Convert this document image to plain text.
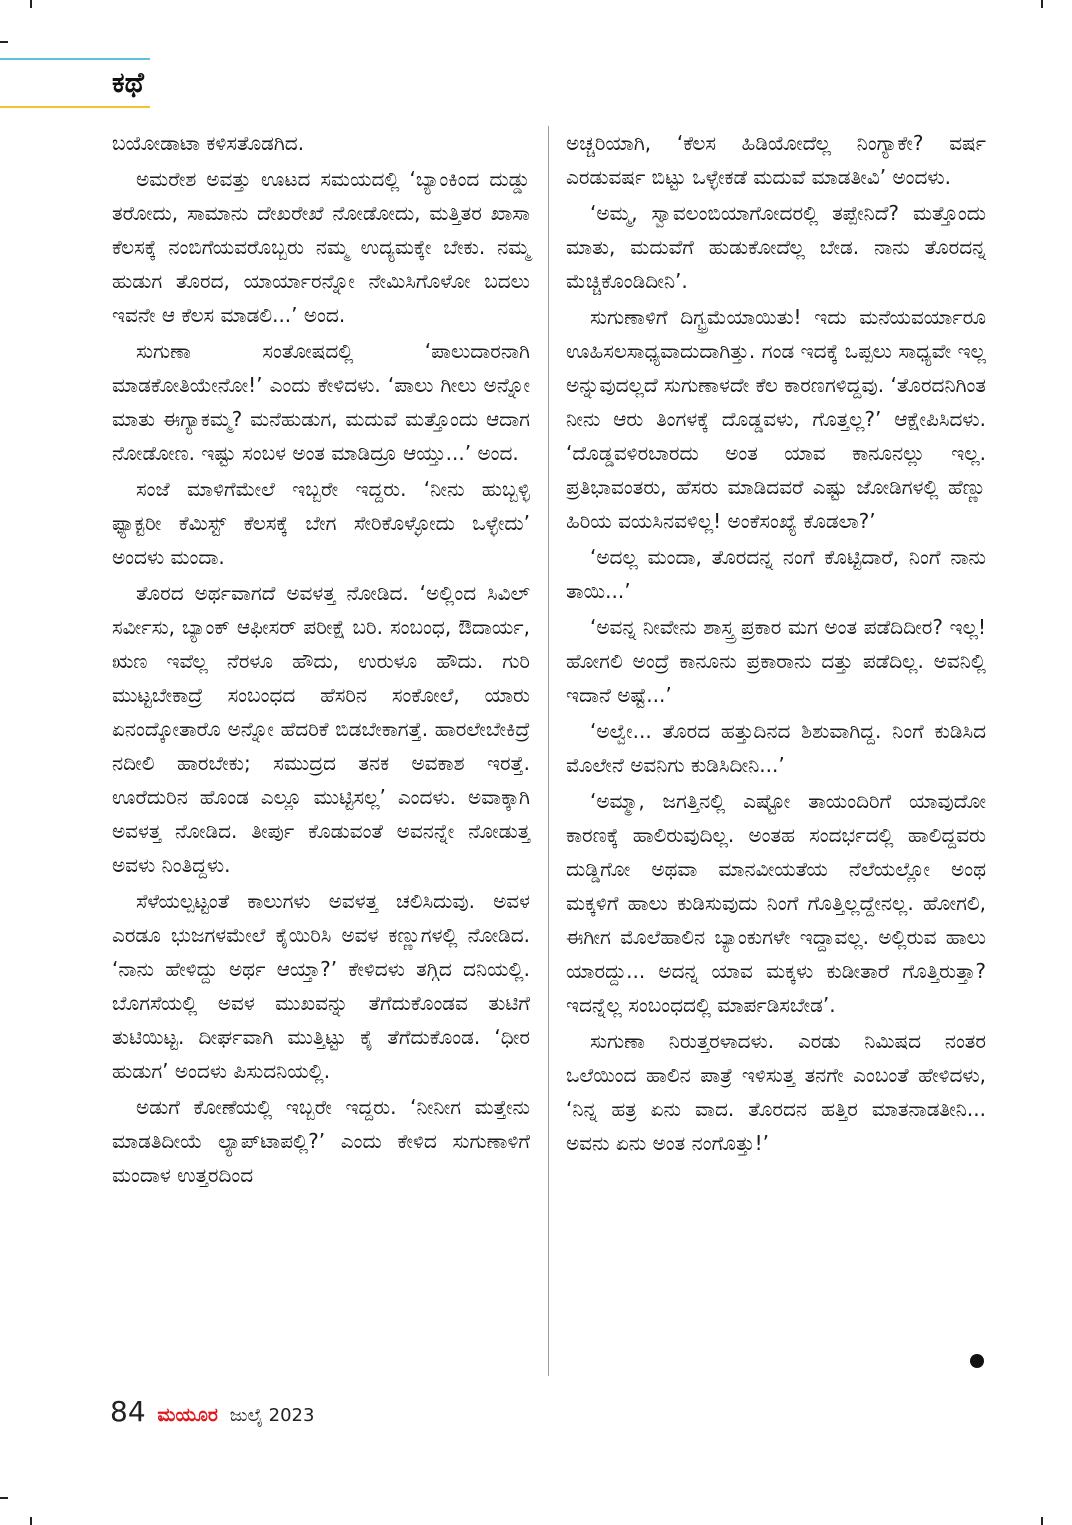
ಕಥೆ

ಬಯೋಡಾಟಾ ಕಳಿಸತೊಡಗಿದ.

ಅಮರೇಶ ಅವತ್ತು ಊಟದ ಸಮಯದಲ್ಲಿ ‘ಬ್ಯಾಂಕಿಂದ ದುಡ್ಡು ತರೋದು, ಸಾಮಾನು ದೇಖರೇಖೆ ನೋಡೋದು, ಮತ್ತಿತರ ಖಾಸಾ ಕೆಲಸಕ್ಕೆ ನಂಬಿಗೆಯವರೊಬ್ಬರು ನಮ್ಮ ಉದ್ಯಮಕ್ಕೇ ಬೇಕು. ನಮ್ಮ ಹುಡುಗ ತೊರದ, ಯಾರ್ಯಾರನ್ನೋ ನೇಮಿಸಿಗೊಳೋ ಬದಲು ಇವನೇ ಆ ಕೆಲಸ ಮಾಡಲಿ...’ ಅಂದ.

ಸುಗುಣಾ ಸಂತೋಷದಲ್ಲಿ ‘ಪಾಲುದಾರನಾಗಿ ಮಾಡಕೋತಿಯೇನೋ!’ ಎಂದು ಕೇಳಿದಳು. ‘ಪಾಲು ಗೀಲು ಅನ್ನೋ ಮಾತು ಈಗ್ಯಾಕಮ್ಮ? ಮನೆಹುಡುಗ, ಮದುವೆ ಮತ್ತೊಂದು ಆದಾಗ ನೋಡೋಣ. ಇಷ್ಟು ಸಂಬಳ ಅಂತ ಮಾಡಿದ್ರೂ ಆಯ್ತು...’ ಅಂದ.

ಸಂಜೆ ಮಾಳಿಗೆಮೇಲೆ ಇಬ್ಬರೇ ಇದ್ದರು. ‘ನೀನು ಹುಬ್ಬಳ್ಳಿ ಫ್ಯಾಕ್ಟರೀ ಕೆಮಿಸ್ಟ್ ಕೆಲಸಕ್ಕೆ ಬೇಗ ಸೇರಿಕೊಳ್ಳೋದು ಒಳ್ಳೇದು’ ಅಂದಳು ಮಂದಾ.

ತೊರದ ಅರ್ಥವಾಗದೆ ಅವಳತ್ತ ನೋಡಿದ. ‘ಅಲ್ಲಿಂದ ಸಿವಿಲ್ ಸರ್ವೀಸು, ಬ್ಯಾಂಕ್ ಆಫೀಸರ್ ಪರೀಕ್ಷೆ ಬರಿ. ಸಂಬಂಧ, ಔದಾರ್ಯ, ಋಣ ಇವೆಲ್ಲ ನೆರಳೂ ಹೌದು, ಉರುಳೂ ಹೌದು. ಗುರಿ ಮುಟ್ಟಬೇಕಾದ್ರೆ ಸಂಬಂಧದ ಹೆಸರಿನ ಸಂಕೋಲೆ, ಯಾರು ಏನಂದ್ಕೋತಾರೊ ಅನ್ನೋ ಹೆದರಿಕೆ ಬಿಡಬೇಕಾಗತ್ತೆ. ಹಾರಲೇಬೇಕಿದ್ರೆ ನದೀಲಿ ಹಾರಬೇಕು; ಸಮುದ್ರದ ತನಕ ಅವಕಾಶ ಇರತ್ತೆ. ಊರೆದುರಿನ ಹೊಂಡ ಎಲ್ಲೂ ಮುಟ್ಟಿಸಲ್ಲ’ ಎಂದಳು. ಅವಾಕ್ಕಾಗಿ ಅವಳತ್ತ ನೋಡಿದ. ತೀರ್ಪು ಕೊಡುವಂತೆ ಅವನನ್ನೇ ನೋಡುತ್ತ ಅವಳು ನಿಂತಿದ್ದಳು.

ಸೆಳೆಯಲ್ಪಟ್ಟಂತೆ ಕಾಲುಗಳು ಅವಳತ್ತ ಚಲಿಸಿದುವು. ಅವಳ ಎರಡೂ ಭುಜಗಳಮೇಲೆ ಕೈಯಿರಿಸಿ ಅವಳ ಕಣ್ಣುಗಳಲ್ಲಿ ನೋಡಿದ. ‘ನಾನು ಹೇಳಿದ್ದು ಅರ್ಥ ಆಯ್ತಾ?’ ಕೇಳಿದಳು ತಗ್ಗಿದ ದನಿಯಲ್ಲಿ. ಬೊಗಸೆಯಲ್ಲಿ ಅವಳ ಮುಖವನ್ನು ತೆಗೆದುಕೊಂಡವ ತುಟಿಗೆ ತುಟಿಯಿಟ್ಟ. ದೀರ್ಘವಾಗಿ ಮುತ್ತಿಟ್ಟು ಕೈ ತೆಗೆದುಕೊಂಡ. ‘ಧೀರ ಹುಡುಗ’ ಅಂದಳು ಪಿಸುದನಿಯಲ್ಲಿ.

ಅಡುಗೆ ಕೋಣೆಯಲ್ಲಿ ಇಬ್ಬರೇ ಇದ್ದರು. ‘ನೀನೀಗ ಮತ್ತೇನು ಮಾಡತಿದೀಯೆ ಲ್ಯಾಪ್‌ಟಾಪಲ್ಲಿ?’ ಎಂದು ಕೇಳಿದ ಸುಗುಣಾಳಿಗೆ ಮಂದಾಳ ಉತ್ತರದಿಂದ

ಅಚ್ಚರಿಯಾಗಿ, ‘ಕೆಲಸ ಹಿಡಿಯೋದೆಲ್ಲ ನಿಂಗ್ಯಾಕೇ? ವರ್ಷ ಎರಡುವರ್ಷ ಬಿಟ್ಟು ಒಳ್ಳೇಕಡೆ ಮದುವೆ ಮಾಡತೀವಿ’ ಅಂದಳು.

‘ಅಮ್ಮ, ಸ್ವಾವಲಂಬಿಯಾಗೋದರಲ್ಲಿ ತಪ್ಪೇನಿದೆ? ಮತ್ತೊಂದು ಮಾತು, ಮದುವೆಗೆ ಹುಡುಕೋದೆಲ್ಲ ಬೇಡ. ನಾನು ತೊರದನ್ನ ಮೆಚ್ಚಿಕೊಂಡಿದೀನಿ’.

ಸುಗುಣಾಳಿಗೆ ದಿಗ್ಭ್ರಮೆಯಾಯಿತು! ಇದು ಮನೆಯವರ್ಯಾರೂ ಊಹಿಸಲಸಾಧ್ಯವಾದುದಾಗಿತ್ತು. ಗಂಡ ಇದಕ್ಕೆ ಒಪ್ಪಲು ಸಾಧ್ಯವೇ ಇಲ್ಲ ಅನ್ನುವುದಲ್ಲದೆ ಸುಗುಣಾಳದೇ ಕೆಲ ಕಾರಣಗಳಿದ್ದವು. ‘ತೊರದನಿಗಿಂತ ನೀನು ಆರು ತಿಂಗಳಕ್ಕೆ ದೊಡ್ಡವಳು, ಗೊತ್ತಲ್ಲ?’ ಆಕ್ಷೇಪಿಸಿದಳು. ‘ದೊಡ್ಡವಳಿರಬಾರದು ಅಂತ ಯಾವ ಕಾನೂನಲ್ಲು ಇಲ್ಲ. ಪ್ರತಿಭಾವಂತರು, ಹೆಸರು ಮಾಡಿದವರೆ ಎಷ್ಟು ಜೋಡಿಗಳಲ್ಲಿ ಹೆಣ್ಣು ಹಿರಿಯ ವಯಸಿನವಳಿಲ್ಲ! ಅಂಕೆಸಂಖ್ಯೆ ಕೊಡಲಾ?’

‘ಅದಲ್ಲ ಮಂದಾ, ತೊರದನ್ನ ನಂಗೆ ಕೊಟ್ಟಿದಾರೆ, ನಿಂಗೆ ನಾನು ತಾಯಿ...’

‘ಅವನ್ನ ನೀವೇನು ಶಾಸ್ತ್ರ ಪ್ರಕಾರ ಮಗ ಅಂತ ಪಡೆದಿದೀರ? ಇಲ್ಲ! ಹೋಗಲಿ ಅಂದ್ರೆ ಕಾನೂನು ಪ್ರಕಾರಾನು ದತ್ತು ಪಡೆದಿಲ್ಲ. ಅವನಿಲ್ಲಿ ಇದಾನೆ ಅಷ್ಟೆ...’

‘ಅಲ್ವೇ... ತೊರದ ಹತ್ತುದಿನದ ಶಿಶುವಾಗಿದ್ದ. ನಿಂಗೆ ಕುಡಿಸಿದ ಮೊಲೇನೆ ಅವನಿಗು ಕುಡಿಸಿದೀನಿ...’

‘ಅಮ್ಮಾ, ಜಗತ್ತಿನಲ್ಲಿ ಎಷ್ಟೋ ತಾಯಂದಿರಿಗೆ ಯಾವುದೋ ಕಾರಣಕ್ಕೆ ಹಾಲಿರುವುದಿಲ್ಲ. ಅಂತಹ ಸಂದರ್ಭದಲ್ಲಿ ಹಾಲಿದ್ದವರು ದುಡ್ಡಿಗೋ ಅಥವಾ ಮಾನವೀಯತೆಯ ನೆಲೆಯಲ್ಲೋ ಅಂಥ ಮಕ್ಕಳಿಗೆ ಹಾಲು ಕುಡಿಸುವುದು ನಿಂಗೆ ಗೊತ್ತಿಲ್ಲದ್ದೇನಲ್ಲ. ಹೋಗಲಿ, ಈಗೀಗ ಮೊಲೆಹಾಲಿನ ಬ್ಯಾಂಕುಗಳೇ ಇದ್ದಾವಲ್ಲ. ಅಲ್ಲಿರುವ ಹಾಲು ಯಾರದ್ದು... ಅದನ್ನ ಯಾವ ಮಕ್ಕಳು ಕುಡೀತಾರೆ ಗೊತ್ತಿರುತ್ತಾ? ಇದನ್ನೆಲ್ಲ ಸಂಬಂಧದಲ್ಲಿ ಮಾರ್ಪಡಿಸಬೇಡ’.

ಸುಗುಣಾ ನಿರುತ್ತರಳಾದಳು. ಎರಡು ನಿಮಿಷದ ನಂತರ ಒಲೆಯಿಂದ ಹಾಲಿನ ಪಾತ್ರೆ ಇಳಿಸುತ್ತ ತನಗೇ ಎಂಬಂತೆ ಹೇಳಿದಳು, ‘ನಿನ್ನ ಹತ್ರ ಏನು ವಾದ. ತೊರದನ ಹತ್ತಿರ ಮಾತನಾಡತೀನಿ... ಅವನು ಏನು ಅಂತ ನಂಗೊತ್ತು!’

84 ಮಯೂರ ಜುಲೈ 2023
